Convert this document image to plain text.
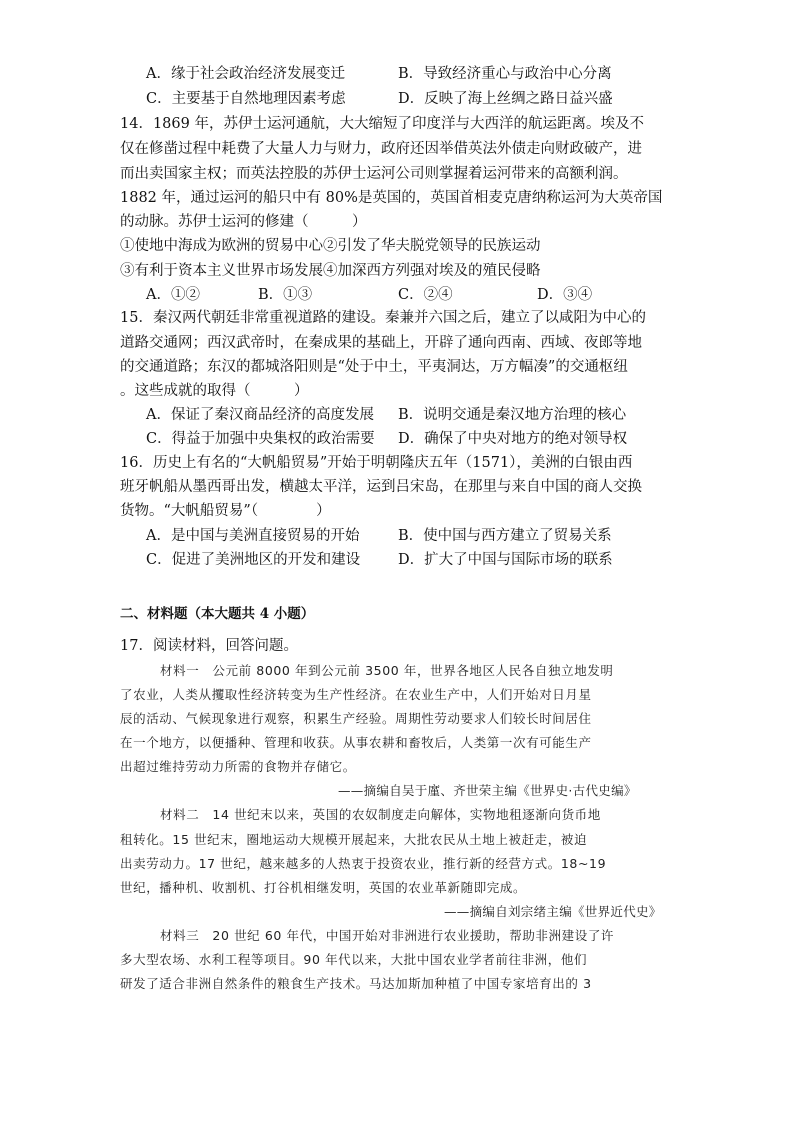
A．缘于社会政治经济发展变迁	B．导致经济重心与政治中心分离
C．主要基于自然地理因素考虑	D．反映了海上丝绸之路日益兴盛
14．1869 年，苏伊士运河通航，大大缩短了印度洋与大西洋的航运距离。埃及不
仅在修凿过程中耗费了大量人力与财力，政府还因举借英法外债走向财政破产，进
而出卖国家主权；而英法控股的苏伊士运河公司则掌握着运河带来的高额利润。
1882 年，通过运河的船只中有 80%是英国的，英国首相麦克唐纳称运河为大英帝国
的动脉。苏伊士运河的修建（　　　）
①使地中海成为欧洲的贸易中心②引发了华夫脱党领导的民族运动
③有利于资本主义世界市场发展④加深西方列强对埃及的殖民侵略
A．①②	B．①③	C．②④	D．③④
15．秦汉两代朝廷非常重视道路的建设。秦兼并六国之后，建立了以咸阳为中心的
道路交通网；西汉武帝时，在秦成果的基础上，开辟了通向西南、西域、夜郎等地
的交通道路；东汉的都城洛阳则是“处于中土，平夷洞达，万方幅凑”的交通枢纽
。这些成就的取得（　　　）
A．保证了秦汉商品经济的高度发展 B．说明交通是秦汉地方治理的核心
C．得益于加强中央集权的政治需要 D．确保了中央对地方的绝对领导权
16．历史上有名的“大帆船贸易”开始于明朝隆庆五年（1571），美洲的白银由西
班牙帆船从墨西哥出发，横越太平洋，运到吕宋岛，在那里与来自中国的商人交换
货物。“大帆船贸易”（　　　　）
A．是中国与美洲直接贸易的开始	B．使中国与西方建立了贸易关系
C．促进了美洲地区的开发和建设	D．扩大了中国与国际市场的联系
二、材料题（本大题共 4 小题）
17．阅读材料，回答问题。
材料一　公元前 8000 年到公元前 3500 年，世界各地区人民各自独立地发明
了农业，人类从攫取性经济转变为生产性经济。在农业生产中，人们开始对日月星
辰的活动、气候现象进行观察，积累生产经验。周期性劳动要求人们较长时间居住
在一个地方，以便播种、管理和收获。从事农耕和畜牧后，人类第一次有可能生产
出超过维持劳动力所需的食物并存储它。
——摘编自吴于廑、齐世荣主编《世界史·古代史编》
材料二　14 世纪末以来，英国的农奴制度走向解体，实物地租逐渐向货币地
租转化。15 世纪末，圈地运动大规模开展起来，大批农民从土地上被赶走，被迫
出卖劳动力。17 世纪，越来越多的人热衷于投资农业，推行新的经营方式。18~19
世纪，播种机、收割机、打谷机相继发明，英国的农业革新随即完成。
——摘编自刘宗绪主编《世界近代史》
材料三　20 世纪 60 年代，中国开始对非洲进行农业援助，帮助非洲建设了许
多大型农场、水利工程等项目。90 年代以来，大批中国农业学者前往非洲，他们
研发了适合非洲自然条件的粮食生产技术。马达加斯加种植了中国专家培育出的 3
